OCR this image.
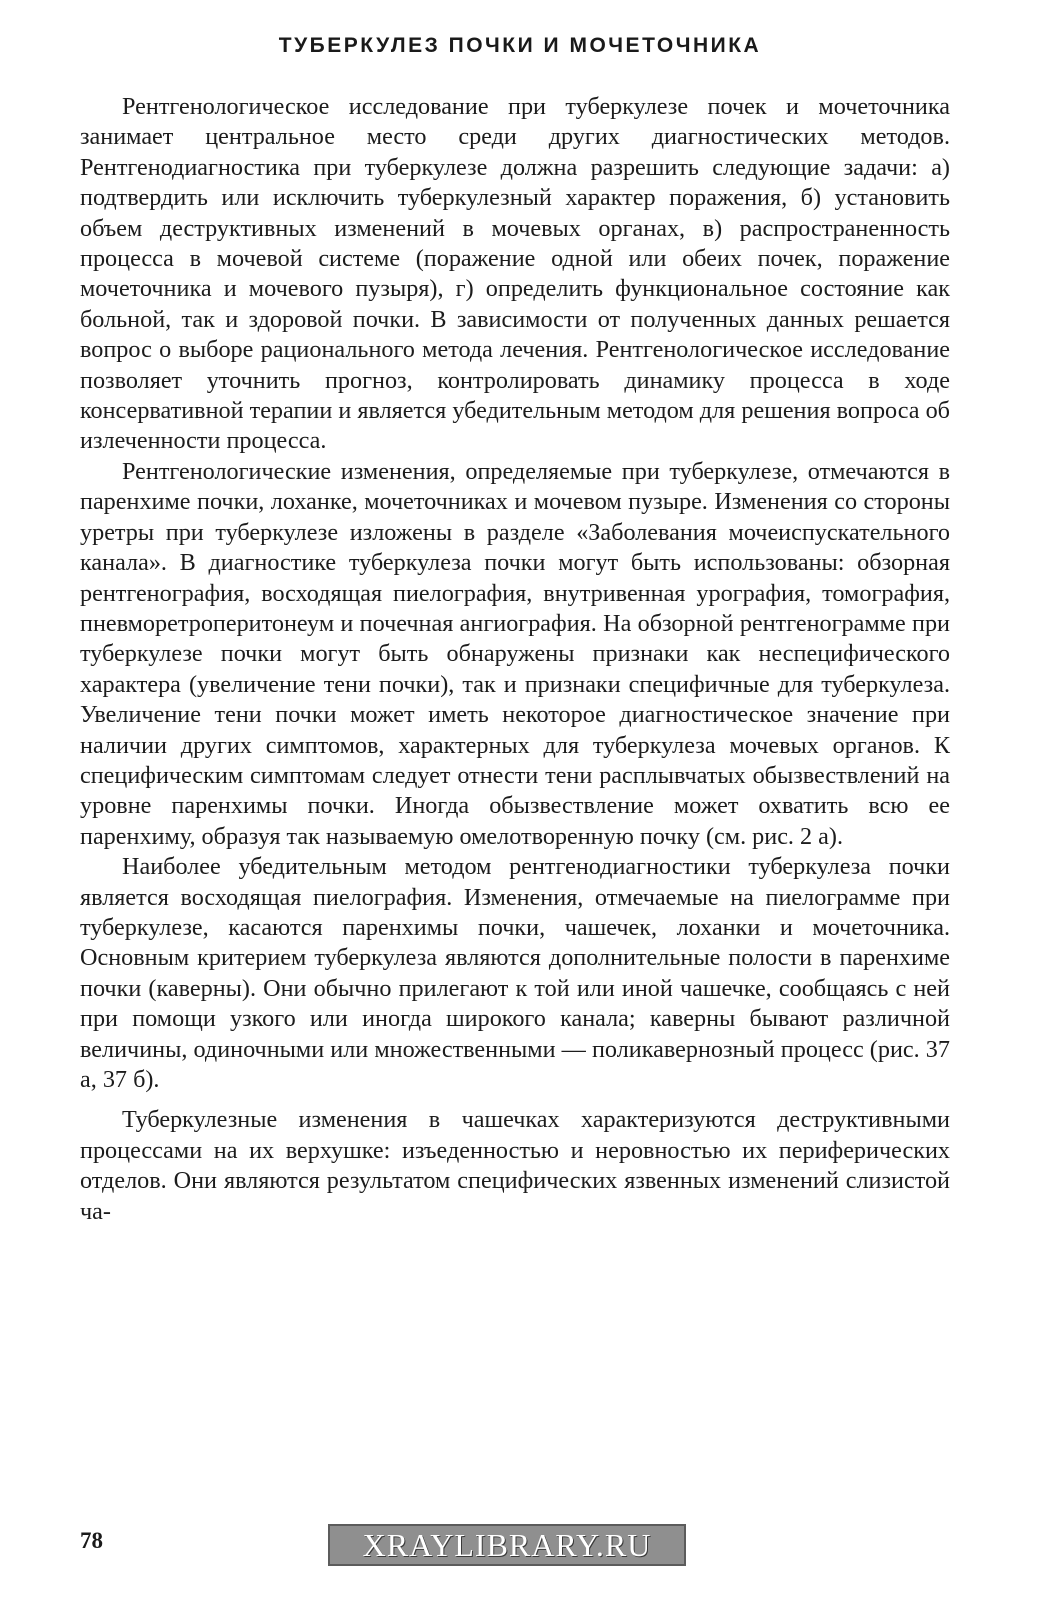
ТУБЕРКУЛЕЗ ПОЧКИ И МОЧЕТОЧНИКА

Рентгенологическое исследование при туберкулезе почек и мочеточника занимает центральное место среди других диагностических методов. Рентгенодиагностика при туберкулезе должна разрешить следующие задачи: а) подтвердить или исключить туберкулезный характер поражения, б) установить объем деструктивных изменений в мочевых органах, в) распространенность процесса в мочевой системе (поражение одной или обеих почек, поражение мочеточника и мочевого пузыря), г) определить функциональное состояние как больной, так и здоровой почки. В зависимости от полученных данных решается вопрос о выборе рационального метода лечения. Рентгенологическое исследование позволяет уточнить прогноз, контролировать динамику процесса в ходе консервативной терапии и является убедительным методом для решения вопроса об излеченности процесса.

Рентгенологические изменения, определяемые при туберкулезе, отмечаются в паренхиме почки, лоханке, мочеточниках и мочевом пузыре. Изменения со стороны уретры при туберкулезе изложены в разделе «Заболевания мочеиспускательного канала». В диагностике туберкулеза почки могут быть использованы: обзорная рентгенография, восходящая пиелография, внутривенная урография, томография, пневморетроперитонеум и почечная ангиография. На обзорной рентгенограмме при туберкулезе почки могут быть обнаружены признаки как неспецифического характера (увеличение тени почки), так и признаки специфичные для туберкулеза. Увеличение тени почки может иметь некоторое диагностическое значение при наличии других симптомов, характерных для туберкулеза мочевых органов. К специфическим симптомам следует отнести тени расплывчатых обызвествлений на уровне паренхимы почки. Иногда обызвествление может охватить всю ее паренхиму, образуя так называемую омелотворенную почку (см. рис. 2 а).

Наиболее убедительным методом рентгенодиагностики туберкулеза почки является восходящая пиелография. Изменения, отмечаемые на пиелограмме при туберкулезе, касаются паренхимы почки, чашечек, лоханки и мочеточника. Основным критерием туберкулеза являются дополнительные полости в паренхиме почки (каверны). Они обычно прилегают к той или иной чашечке, сообщаясь с ней при помощи узкого или иногда широкого канала; каверны бывают различной величины, одиночными или множественными — поликавернозный процесс (рис. 37 а, 37 б).

Туберкулезные изменения в чашечках характеризуются деструктивными процессами на их верхушке: изъеденностью и неровностью их периферических отделов. Они являются результатом специфических язвенных изменений слизистой ча-

78	XRAYLIBRARY.RU
